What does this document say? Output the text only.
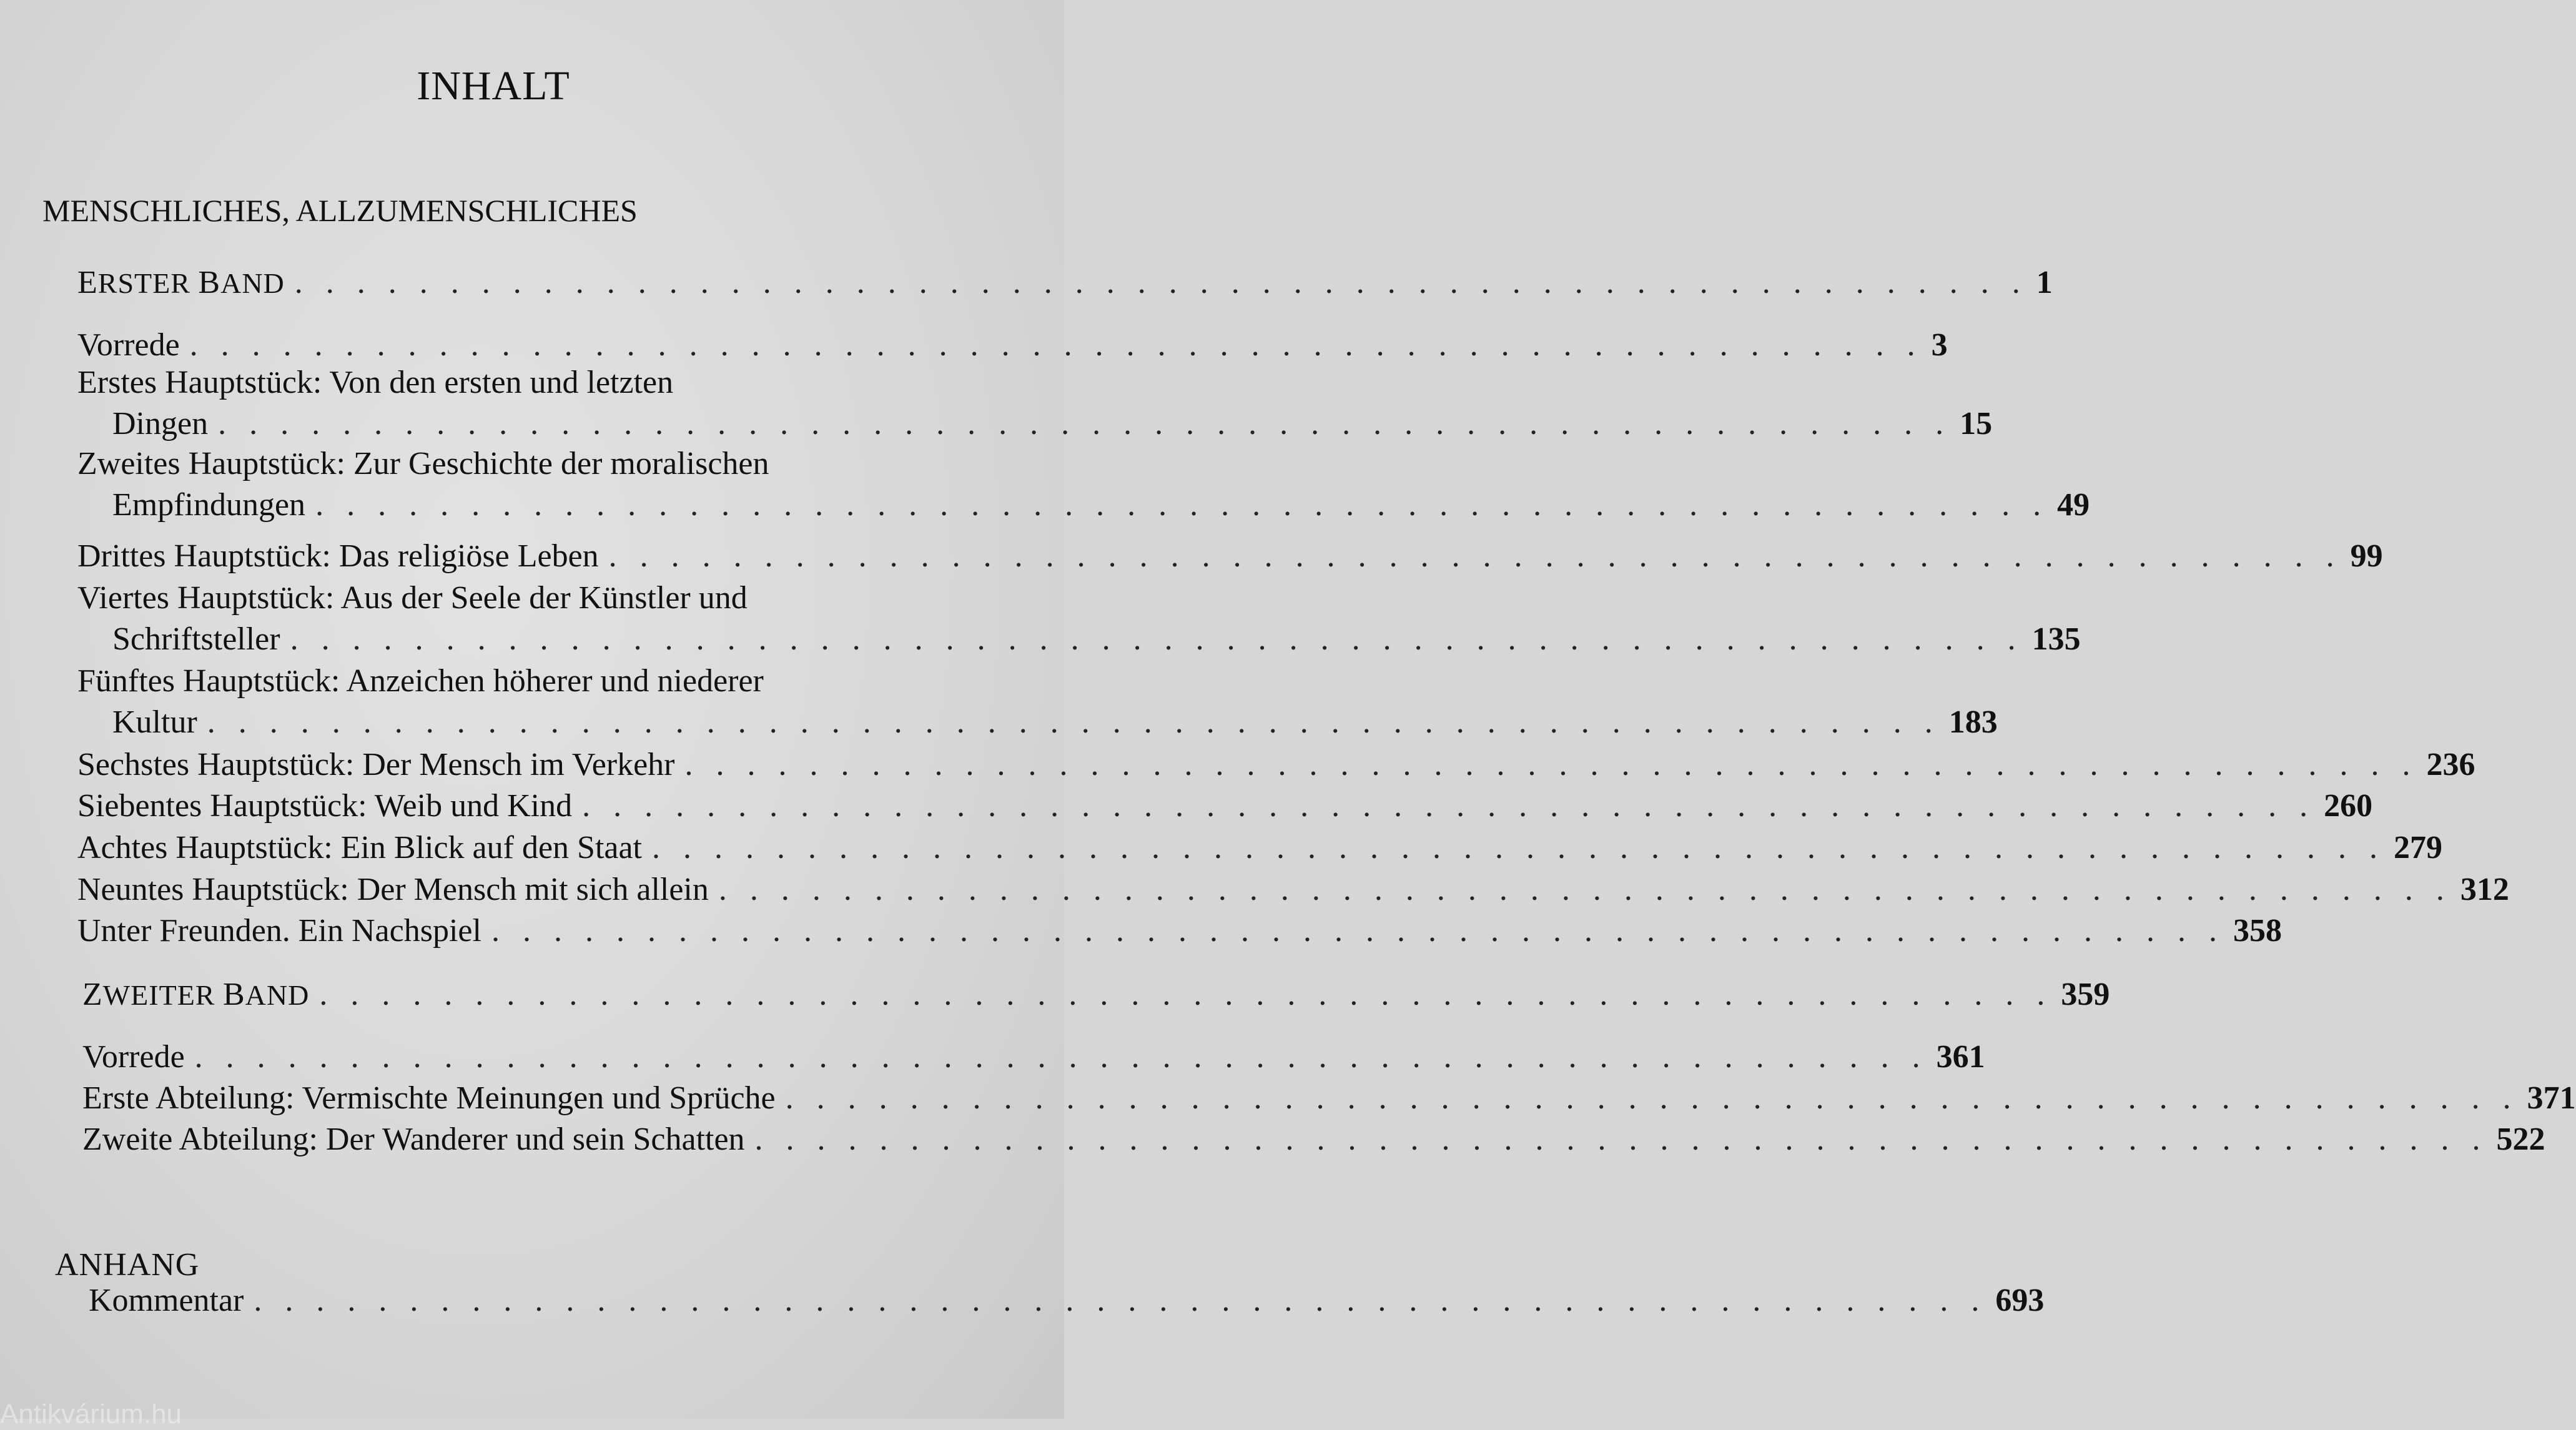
INHALT
MENSCHLICHES, ALLZUMENSCHLICHES
ERSTER BAND . . . . . . . . . . . . . . . . . . . . . . . . . . . . . . . . . . . . . . . . . . . . . . . . . . . . . . . . 1
Vorrede . . . . . . . . . . . . . . . . . . . . . . . . . . . . . . . . . . . . . . . . . . . . . . . . . . . . . . . . 3
Erstes Hauptstück: Von den ersten und letzten
Dingen . . . . . . . . . . . . . . . . . . . . . . . . . . . . . . . . . . . . . . . . . . . . . . . . . . . . . . . . 15
Zweites Hauptstück: Zur Geschichte der moralischen
Empfindungen . . . . . . . . . . . . . . . . . . . . . . . . . . . . . . . . . . . . . . . . . . . . . . . . . . . . . . . . 49
Drittes Hauptstück: Das religiöse Leben . . . . . . . . . . . . . . . . . . . . . . . . . . . . . . . . . . . . . . . . . . . . . . . . . . . . . . . . 99
Viertes Hauptstück: Aus der Seele der Künstler und
Schriftsteller . . . . . . . . . . . . . . . . . . . . . . . . . . . . . . . . . . . . . . . . . . . . . . . . . . . . . . . . 135
Fünftes Hauptstück: Anzeichen höherer und niederer
Kultur . . . . . . . . . . . . . . . . . . . . . . . . . . . . . . . . . . . . . . . . . . . . . . . . . . . . . . . . 183
Sechstes Hauptstück: Der Mensch im Verkehr . . . . . . . . . . . . . . . . . . . . . . . . . . . . . . . . . . . . . . . . . . . . . . . . . . . . . . . . 236
Siebentes Hauptstück: Weib und Kind . . . . . . . . . . . . . . . . . . . . . . . . . . . . . . . . . . . . . . . . . . . . . . . . . . . . . . . . 260
Achtes Hauptstück: Ein Blick auf den Staat . . . . . . . . . . . . . . . . . . . . . . . . . . . . . . . . . . . . . . . . . . . . . . . . . . . . . . . . 279
Neuntes Hauptstück: Der Mensch mit sich allein . . . . . . . . . . . . . . . . . . . . . . . . . . . . . . . . . . . . . . . . . . . . . . . . . . . . . . . . 312
Unter Freunden. Ein Nachspiel . . . . . . . . . . . . . . . . . . . . . . . . . . . . . . . . . . . . . . . . . . . . . . . . . . . . . . . . 358
ZWEITER BAND . . . . . . . . . . . . . . . . . . . . . . . . . . . . . . . . . . . . . . . . . . . . . . . . . . . . . . . . 359
Vorrede . . . . . . . . . . . . . . . . . . . . . . . . . . . . . . . . . . . . . . . . . . . . . . . . . . . . . . . . 361
Erste Abteilung: Vermischte Meinungen und Sprüche . . . . . . . . . . . . . . . . . . . . . . . . . . . . . . . . . . . . . . . . . . . . . . . . . . . . . . . . 371
Zweite Abteilung: Der Wanderer und sein Schatten . . . . . . . . . . . . . . . . . . . . . . . . . . . . . . . . . . . . . . . . . . . . . . . . . . . . . . . . 522
ANHANG
Kommentar . . . . . . . . . . . . . . . . . . . . . . . . . . . . . . . . . . . . . . . . . . . . . . . . . . . . . . . . 693
Antikvárium.hu
